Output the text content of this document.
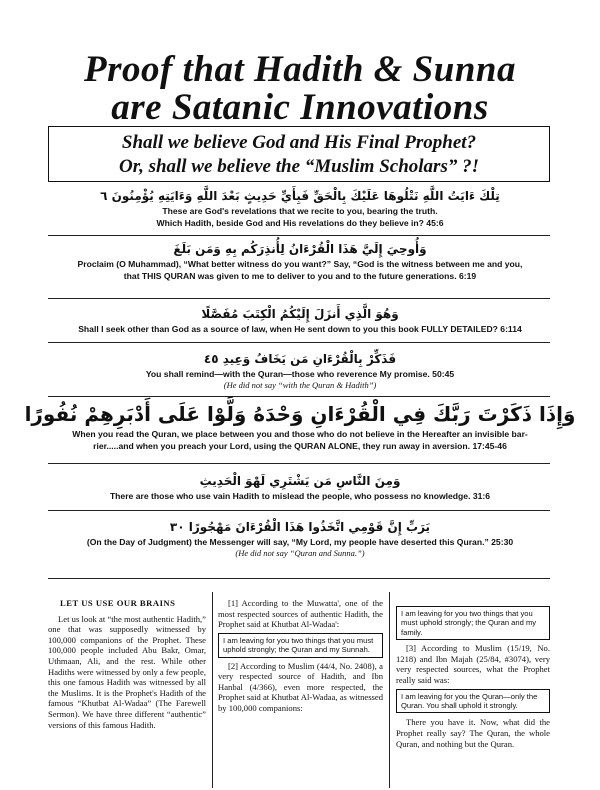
Proof that Hadith & Sunna
are Satanic Innovations
Shall we believe God and His Final Prophet?
Or, shall we believe the “Muslim Scholars” ?!
تِلْكَ ءَايَتُ اللَّهِ نَتْلُوهَا عَلَيْكَ بِالْحَقِّ فَبِأَيِّ حَدِيثٍ بَعْدَ اللَّهِ وَءَايَتِهِ يُؤْمِنُونَ ٦
These are God's revelations that we recite to you, bearing the truth.
Which Hadith, beside God and His revelations do they believe in? 45:6
وَأُوحِيَ إِلَيَّ هَذَا الْقُرْءَانُ لِأُنذِرَكُم بِهِ وَمَن بَلَغَ
Proclaim (O Muhammad), “What better witness do you want?” Say, “God is the witness between me and you,
that THIS QURAN was given to me to deliver to you and to the future generations. 6:19
وَهُوَ الَّذِي أَنزَلَ إِلَيْكُمُ الْكِتَبَ مُفَصَّلًا
Shall I seek other than God as a source of law, when He sent down to you this book FULLY DETAILED? 6:114
فَذَكِّرْ بِالْقُرْءَانِ مَن يَخَافُ وَعِيدِ ٤٥
You shall remind—with the Quran—those who reverence My promise. 50:45
(He did not say “with the Quran & Hadith”)
وَإِذَا ذَكَرْتَ رَبَّكَ فِي الْقُرْءَانِ وَحْدَهُ وَلَّوْا عَلَى أَدْبَرِهِمْ نُفُورًا
When you read the Quran, we place between you and those who do not believe in the Hereafter an invisible bar-
rier.....and when you preach your Lord, using the QURAN ALONE, they run away in aversion. 17:45-46
وَمِنَ النَّاسِ مَن يَشْتَرِي لَهْوَ الْحَدِيثِ
There are those who use vain Hadith to mislead the people, who possess no knowledge. 31:6
يَرَبِّ إِنَّ قَوْمِي اتَّخَذُوا هَذَا الْقُرْءَانَ مَهْجُورًا ٣٠
(On the Day of Judgment) the Messenger will say, “My Lord, my people have deserted this Quran.” 25:30
(He did not say “Quran and Sunna.”)

LET US USE OUR BRAINS

Let us look at “the most authentic Hadith,” one that was supposedly witnessed by 100,000 companions of the Prophet. These 100,000 people included Abu Bakr, Omar, Uthmaan, Ali, and the rest. While other Hadiths were witnessed by only a few people, this one famous Hadith was witnessed by all the Muslims. It is the Prophet's Hadith of the famous “Khutbat Al-Wadaa” (The Farewell Sermon). We have three different “authentic” versions of this famous Hadith.

[1] According to the Muwatta', one of the most respected sources of authentic Hadith, the Prophet said at Khutbat Al-Wadaa':

I am leaving for you two things that you must uphold strongly; the Quran and my Sunnah.

[2] According to Muslim (44/4, No. 2408), a very respected source of Hadith, and Ibn Hanbal (4/366), even more respected, the Prophet said at Khutbat Al-Wadaa, as witnessed by 100,000 companions:

I am leaving for you two things that you must uphold strongly; the Quran and my family.

[3] According to Muslim (15/19, No. 1218) and Ibn Majah (25/84, #3074), very very respected sources, what the Prophet really said was:

I am leaving for you the Quran—only the Quran. You shall uphold it strongly.

There you have it. Now, what did the Prophet really say? The Quran, the whole Quran, and nothing but the Quran.
